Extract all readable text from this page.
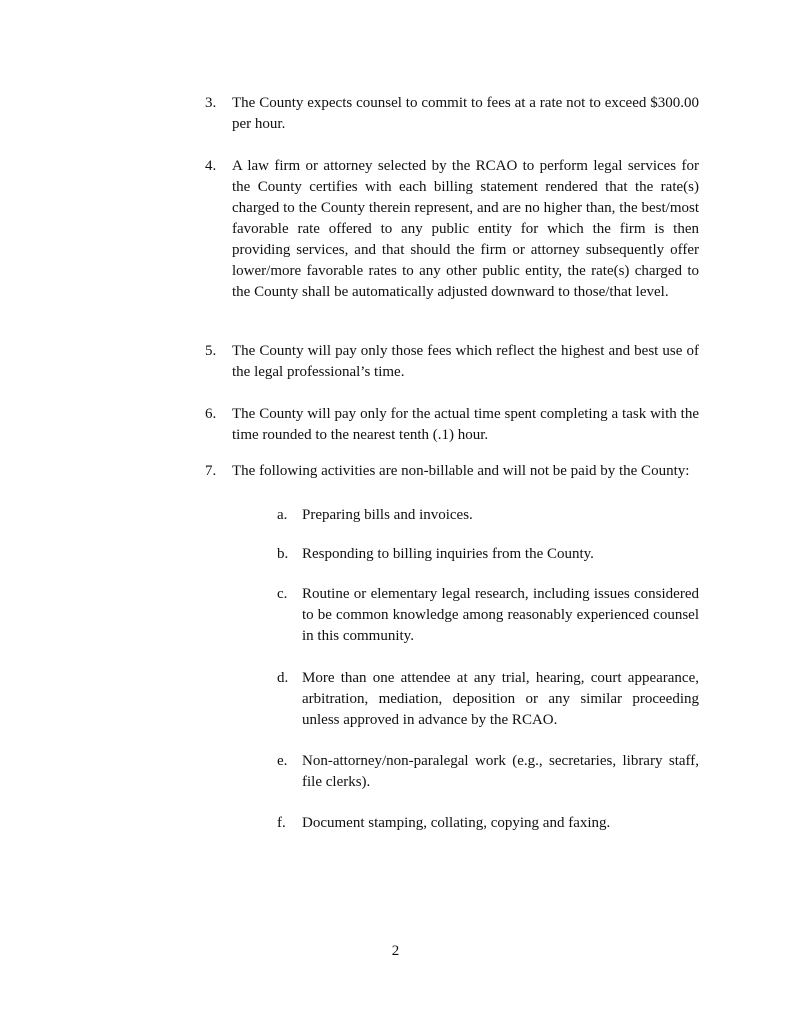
3.	The County expects counsel to commit to fees at a rate not to exceed $300.00 per hour.
4.	A law firm or attorney selected by the RCAO to perform legal services for the County certifies with each billing statement rendered that the rate(s) charged to the County therein represent, and are no higher than, the best/most favorable rate offered to any public entity for which the firm is then providing services, and that should the firm or attorney subsequently offer lower/more favorable rates to any other public entity, the rate(s) charged to the County shall be automatically adjusted downward to those/that level.
5.	The County will pay only those fees which reflect the highest and best use of the legal professional’s time.
6.	The County will pay only for the actual time spent completing a task with the time rounded to the nearest tenth (.1) hour.
7.	The following activities are non-billable and will not be paid by the County:
a. Preparing bills and invoices.
b. Responding to billing inquiries from the County.
c. Routine or elementary legal research, including issues considered to be common knowledge among reasonably experienced counsel in this community.
d. More than one attendee at any trial, hearing, court appearance, arbitration, mediation, deposition or any similar proceeding unless approved in advance by the RCAO.
e. Non-attorney/non-paralegal work (e.g., secretaries, library staff, file clerks).
f.	Document stamping, collating, copying and faxing.
2
